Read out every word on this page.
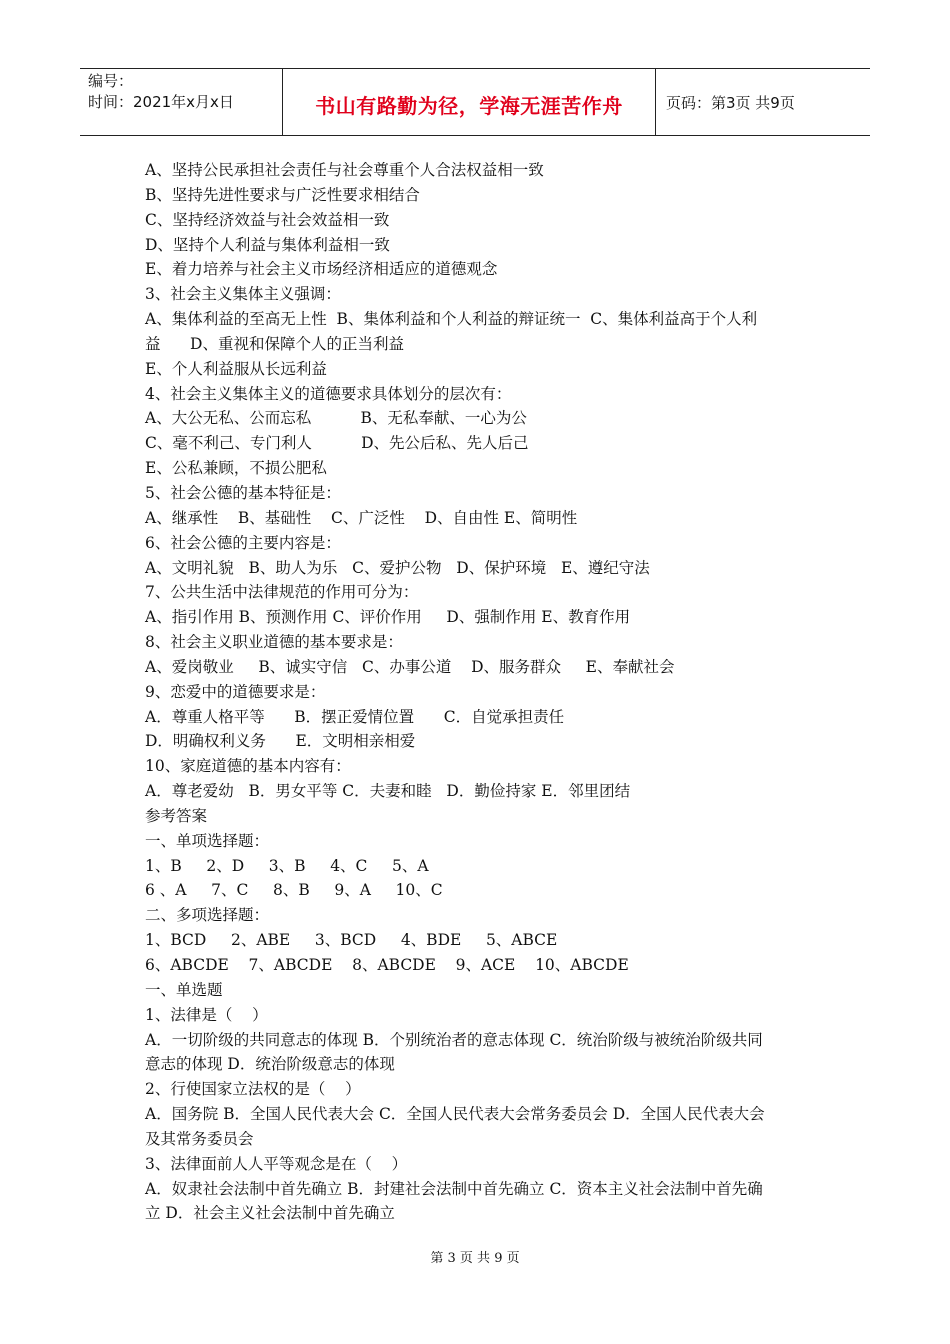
编号：
时间：2021年x月x日	书山有路勤为径，学海无涯苦作舟	页码：第3页 共9页
A、坚持公民承担社会责任与社会尊重个人合法权益相一致
B、坚持先进性要求与广泛性要求相结合
C、坚持经济效益与社会效益相一致
D、坚持个人利益与集体利益相一致
E、着力培养与社会主义市场经济相适应的道德观念
3、社会主义集体主义强调：
A、集体利益的至高无上性  B、集体利益和个人利益的辩证统一  C、集体利益高于个人利
益      D、重视和保障个人的正当利益
E、个人利益服从长远利益
4、社会主义集体主义的道德要求具体划分的层次有：
A、大公无私、公而忘私          B、无私奉献、一心为公
C、毫不利己、专门利人          D、先公后私、先人后己
E、公私兼顾，不损公肥私
5、社会公德的基本特征是：
A、继承性    B、基础性    C、广泛性    D、自由性 E、简明性
6、社会公德的主要内容是：
A、文明礼貌   B、助人为乐   C、爱护公物   D、保护环境   E、遵纪守法
7、公共生活中法律规范的作用可分为：
A、指引作用 B、预测作用 C、评价作用     D、强制作用 E、教育作用
8、社会主义职业道德的基本要求是：
A、爱岗敬业     B、诚实守信   C、办事公道    D、服务群众     E、奉献社会
9、恋爱中的道德要求是：
A．尊重人格平等      B．摆正爱情位置      C．自觉承担责任
D．明确权利义务      E．文明相亲相爱
10、家庭道德的基本内容有：
A．尊老爱幼   B．男女平等 C．夫妻和睦   D．勤俭持家 E．邻里团结
参考答案
一、单项选择题：
1、B     2、D     3、B     4、C     5、A
6 、A     7、C     8、B     9、A     10、C
二、多项选择题：
1、BCD     2、ABE     3、BCD     4、BDE     5、ABCE
6、ABCDE    7、ABCDE    8、ABCDE    9、ACE    10、ABCDE
一、单选题
1、法律是（    ）
A．一切阶级的共同意志的体现 B．个别统治者的意志体现 C．统治阶级与被统治阶级共同
意志的体现 D．统治阶级意志的体现
2、行使国家立法权的是（    ）
A．国务院 B．全国人民代表大会 C．全国人民代表大会常务委员会 D．全国人民代表大会
及其常务委员会
3、法律面前人人平等观念是在（    ）
A．奴隶社会法制中首先确立 B．封建社会法制中首先确立 C．资本主义社会法制中首先确
立 D．社会主义社会法制中首先确立
第 3 页 共 9 页
